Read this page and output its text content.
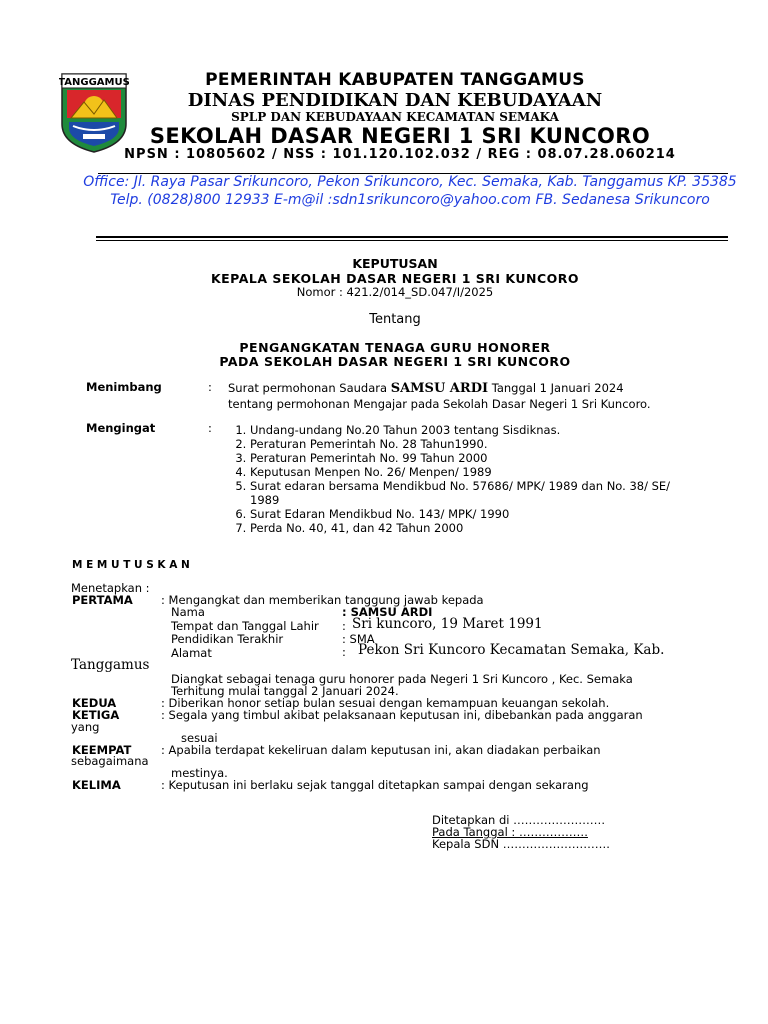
TANGGAMUS	PEMERINTAH KABUPATEN TANGGAMUS
DINAS PENDIDIKAN DAN KEBUDAYAAN
SPLP DAN KEBUDAYAAN KECAMATAN SEMAKA
SEKOLAH DASAR NEGERI 1 SRI KUNCORO
NPSN : 10805602 / NSS : 101.120.102.032 / REG : 08.07.28.060214
Office: Jl. Raya Pasar Srikuncoro, Pekon Srikuncoro, Kec. Semaka, Kab. Tanggamus KP. 35385
Telp. (0828)800 12933 E-m@il :sdn1srikuncoro@yahoo.com FB. Sedanesa Srikuncoro
KEPUTUSAN
KEPALA SEKOLAH DASAR NEGERI 1 SRI KUNCORO
Nomor : 421.2/014_SD.047/I/2025
Tentang
PENGANGKATAN TENAGA GURU HONORER
PADA SEKOLAH DASAR NEGERI 1 SRI KUNCORO
Menimbang	: Surat permohonan Saudara SAMSU ARDI Tanggal 1 Januari 2024
tentang permohonan Mengajar pada Sekolah Dasar Negeri 1 Sri Kuncoro.
Mengingat	:
1.	Undang-undang No.20 Tahun 2003 tentang Sisdiknas.
2. Peraturan Pemerintah No. 28 Tahun1990.
3. Peraturan Pemerintah No. 99 Tahun 2000
4. Keputusan Menpen No. 26/ Menpen/ 1989
5. Surat edaran bersama Mendikbud No. 57686/ MPK/ 1989 dan No. 38/ SE/ 1989
6. Surat Edaran Mendikbud No. 143/ MPK/ 1990
7. Perda No. 40, 41, dan 42 Tahun 2000
M E M U T U S K A N
Menetapkan :
PERTAMA : Mengangkat dan memberikan tanggung jawab kepada
Nama	: SAMSU ARDI
Tempat dan Tanggal Lahir : Sri kuncoro, 19 Maret 1991
Pendidikan Terakhir	: SMA
Alamat	: Pekon Sri Kuncoro Kecamatan Semaka, Kab.
Tanggamus
Diangkat sebagai tenaga guru honorer pada Negeri 1 Sri Kuncoro , Kec. Semaka
Terhitung mulai tanggal 2 Januari 2024.
KEDUA	: Diberikan honor setiap bulan sesuai dengan kemampuan keuangan sekolah.
KETIGA	: Segala yang timbul akibat pelaksanaan keputusan ini, dibebankan pada anggaran
yang
sesuai
KEEMPAT	: Apabila terdapat kekeliruan dalam keputusan ini, akan diadakan perbaikan
sebagaimana
mestinya.
KELIMA	: Keputusan ini berlaku sejak tanggal ditetapkan sampai dengan sekarang
Ditetapkan di ……………………
Pada Tanggal : ………………
Kepala SDN ……………………….
